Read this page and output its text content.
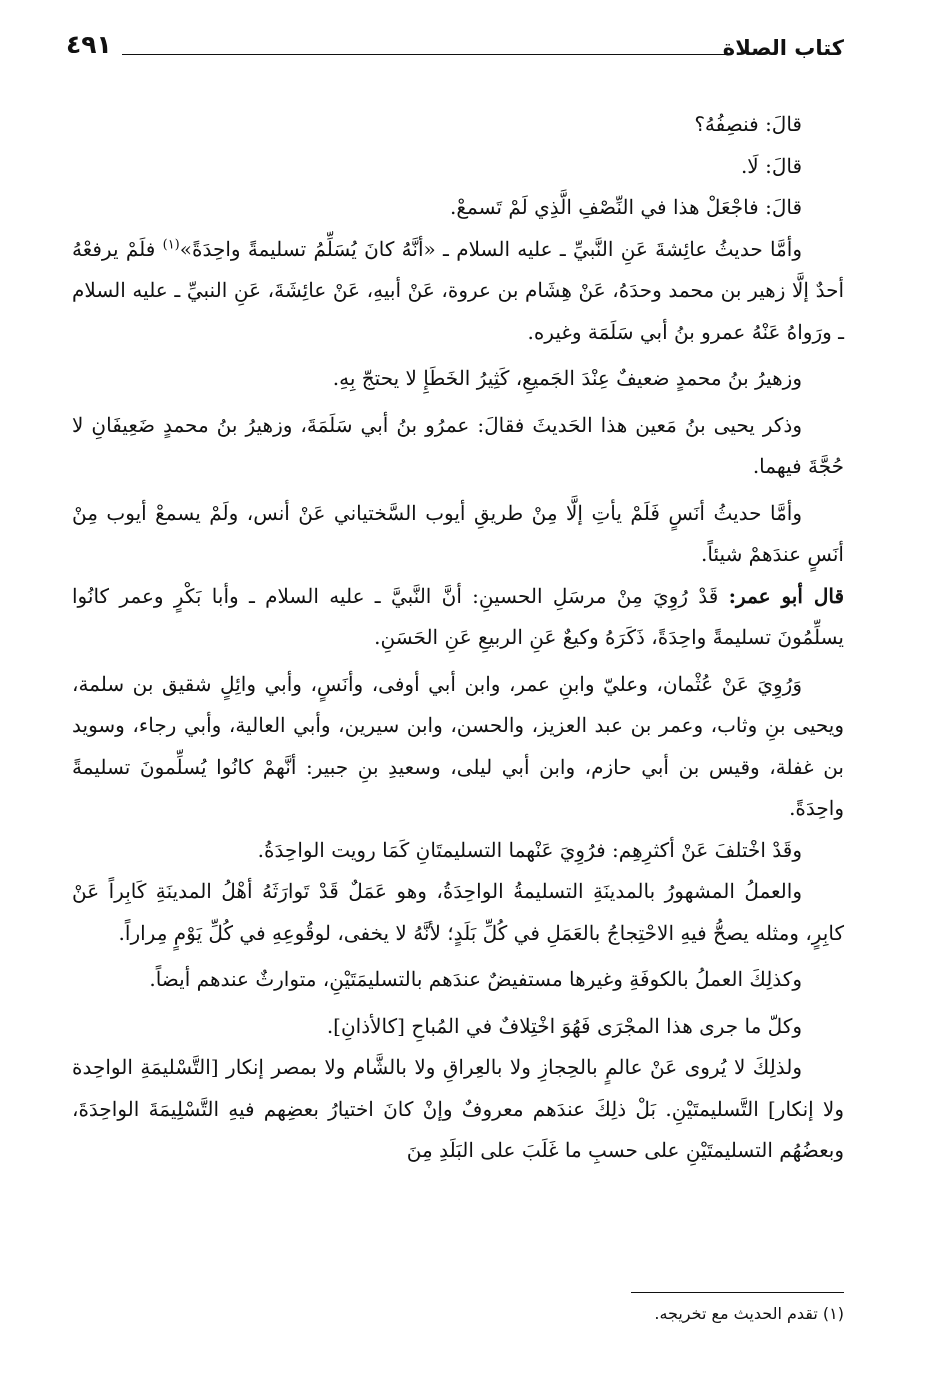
كتاب الصلاة
٤٩١

قالَ: فنصِفُهُ؟

قالَ: لَا.

قالَ: فاجْعَلْ هذا في النِّصْفِ الَّذِي لَمْ تَسمعْ.

وأمَّا حديثُ عائِشةَ عَنِ النَّبيِّ ـ عليه السلام ـ «أنَّهُ كانَ يُسَلِّمُ تسليمةً واحِدَةً»$^{(١)}$ فلَمْ يرفعْهُ أحدٌ إلَّا زهير بن محمد وحدَهُ، عَنْ هِشَام بن عروة، عَنْ أبيهِ، عَنْ عائِشَةَ، عَنِ النبيِّ ـ عليه السلام ـ ورَواهُ عَنْهُ عمرو بنُ أبي سَلَمَة وغيره.

وزهيرُ بنُ محمدٍ ضعيفٌ عِنْدَ الجَميعِ، كَثِيرُ الخَطَإِ لا يحتجّ بِهِ.

وذكر يحيى بنُ مَعين هذا الحَديثَ فقالَ: عمرُو بنُ أبي سَلَمَةَ، وزهيرُ بنُ محمدٍ ضَعِيفَانِ لا حُجَّةَ فيهما.

وأمَّا حديثُ أنَسٍ فَلَمْ يأتِ إلَّا مِنْ طريقِ أيوب السَّختياني عَنْ أنس، ولَمْ يسمعْ أيوب مِنْ أنَسٍ عندَهمْ شيئاً.

قال أبو عمر: قَدْ رُوِيَ مِنْ مرسَلِ الحسينِ: أنَّ النَّبيَّ ـ عليه السلام ـ وأبا بَكْرٍ وعمر كانُوا يسلِّمُونَ تسليمةً واحِدَةً، ذَكَرَهُ وكيعٌ عَنِ الربيعِ عَنِ الحَسَنِ.

وَرُوِيَ عَنْ عُثْمان، وعليّ وابنِ عمر، وابن أبي أوفى، وأنَسٍ، وأبي وائِلٍ شقيق بن سلمة، ويحيى بنِ وثاب، وعمر بن عبد العزيز، والحسن، وابن سيرين، وأبي العالية، وأبي رجاء، وسويد بن غفلة، وقيس بن أبي حازم، وابن أبي ليلى، وسعيدِ بنِ جبير: أنَّهمْ كانُوا يُسلِّمونَ تسليمةً واحِدَةً.

وقَدْ اخْتلفَ عَنْ أكثرِهِم: فرُوِيَ عَنْهما التسليمتَانِ كَمَا رويت الواحِدَةُ.

والعملُ المشهورُ بالمدينَةِ التسليمةُ الواحِدَةُ، وهو عَمَلٌ قَدْ تَوارَثَهُ أهْلُ المدينَةِ كَابِراً عَنْ كابِرٍ، ومثله يصحُّ فيهِ الاحْتِجاجُ بالعَمَلِ في كُلِّ بَلَدٍ؛ لأنَّهُ لا يخفى، لوقُوعِهِ في كُلِّ يَوْمٍ مِراراً.

وكذلِكَ العملُ بالكوفَةِ وغيرها مستفيضٌ عندَهم بالتسليمَتَيْنِ، متوارثٌ عندهم أيضاً.

وكلّ ما جرى هذا المجْرَى فَهُوَ اخْتِلافٌ في المُباحِ [كالأذانِ].

ولذلِكَ لا يُروى عَنْ عالمٍ بالحِجازِ ولا بالعِراقِ ولا بالشَّام ولا بمصر إنكار [التَّسْليمَةِ الواحِدة ولا إنكار] التَّسليمتَيْنِ. بَلْ ذلِكَ عندَهم معروفٌ وإنْ كانَ اختيارُ بعضِهم فيهِ التَّسْلِيمَةَ الواحِدَةَ، وبعضُهُم التسليمتَيْنِ على حسبِ ما غَلَبَ على البَلَدِ مِنَ

(١) تقدم الحديث مع تخريجه.
